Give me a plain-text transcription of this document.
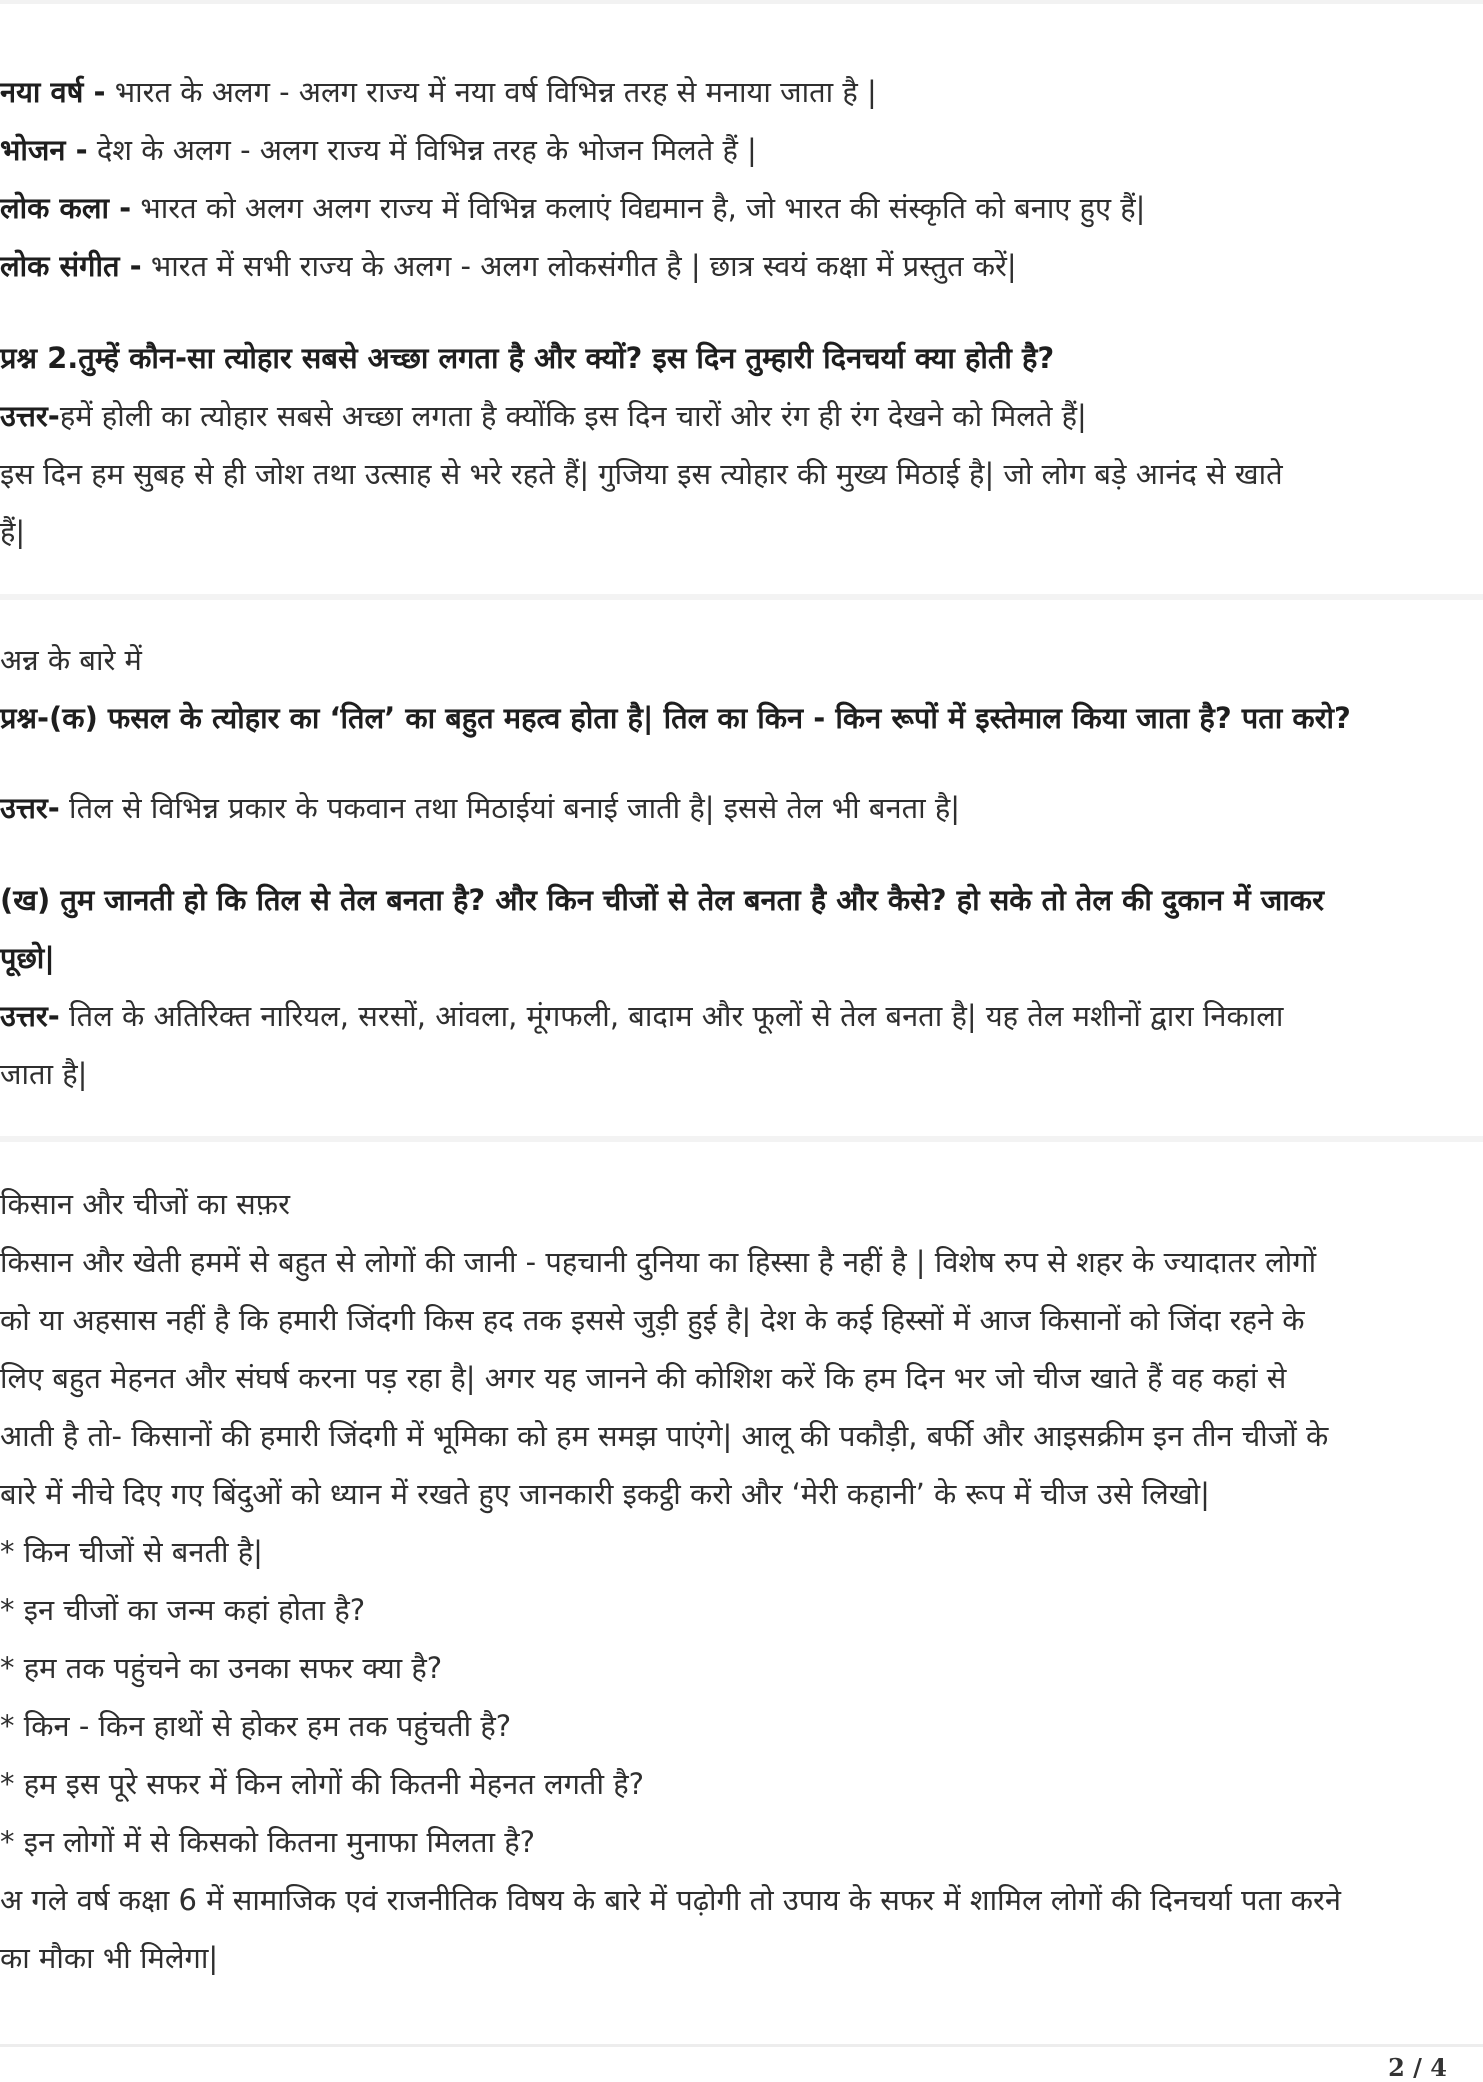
नया वर्ष - भारत के अलग - अलग राज्य में नया वर्ष विभिन्न तरह से मनाया जाता है |
भोजन - देश के अलग - अलग राज्य में विभिन्न तरह के भोजन मिलते हैं |
लोक कला - भारत को अलग अलग राज्य में विभिन्न कलाएं विद्यमान है, जो भारत की संस्कृति को बनाए हुए हैं|
लोक संगीत - भारत में सभी राज्य के अलग - अलग लोकसंगीत है | छात्र स्वयं कक्षा में प्रस्तुत करें|
प्रश्न 2.तुम्हें कौन-सा त्योहार सबसे अच्छा लगता है और क्यों? इस दिन तुम्हारी दिनचर्या क्या होती है?
उत्तर-हमें होली का त्योहार सबसे अच्छा लगता है क्योंकि इस दिन चारों ओर रंग ही रंग देखने को मिलते हैं|
इस दिन हम सुबह से ही जोश तथा उत्साह से भरे रहते हैं| गुजिया इस त्योहार की मुख्य मिठाई है| जो लोग बड़े आनंद से खाते
हैं|
अन्न के बारे में
प्रश्न-(क) फसल के त्योहार का ‘तिल’ का बहुत महत्व होता है| तिल का किन - किन रूपों में इस्तेमाल किया जाता है? पता करो?
उत्तर- तिल से विभिन्न प्रकार के पकवान तथा मिठाईयां बनाई जाती है| इससे तेल भी बनता है|
(ख) तुम जानती हो कि तिल से तेल बनता है? और किन चीजों से तेल बनता है और कैसे? हो सके तो तेल की दुकान में जाकर
पूछो|
उत्तर- तिल के अतिरिक्त नारियल, सरसों, आंवला, मूंगफली, बादाम और फूलों से तेल बनता है| यह तेल मशीनों द्वारा निकाला
जाता है|
किसान और चीजों का सफ़र
किसान और खेती हममें से बहुत से लोगों की जानी - पहचानी दुनिया का हिस्सा है नहीं है | विशेष रुप से शहर के ज्यादातर लोगों
को या अहसास नहीं है कि हमारी जिंदगी किस हद तक इससे जुड़ी हुई है| देश के कई हिस्सों में आज किसानों को जिंदा रहने के
लिए बहुत मेहनत और संघर्ष करना पड़ रहा है| अगर यह जानने की कोशिश करें कि हम दिन भर जो चीज खाते हैं वह कहां से
आती है तो- किसानों की हमारी जिंदगी में भूमिका को हम समझ पाएंगे| आलू की पकौड़ी, बर्फी और आइसक्रीम इन तीन चीजों के
बारे में नीचे दिए गए बिंदुओं को ध्यान में रखते हुए जानकारी इकट्ठी करो और ‘मेरी कहानी’ के रूप में चीज उसे लिखो|
* किन चीजों से बनती है|
* इन चीजों का जन्म कहां होता है?
* हम तक पहुंचने का उनका सफर क्या है?
* किन - किन हाथों से होकर हम तक पहुंचती है?
* हम इस पूरे सफर में किन लोगों की कितनी मेहनत लगती है?
* इन लोगों में से किसको कितना मुनाफा मिलता है?
अ गले वर्ष कक्षा 6 में सामाजिक एवं राजनीतिक विषय के बारे में पढ़ोगी तो उपाय के सफर में शामिल लोगों की दिनचर्या पता करने
का मौका भी मिलेगा|
2 / 4
